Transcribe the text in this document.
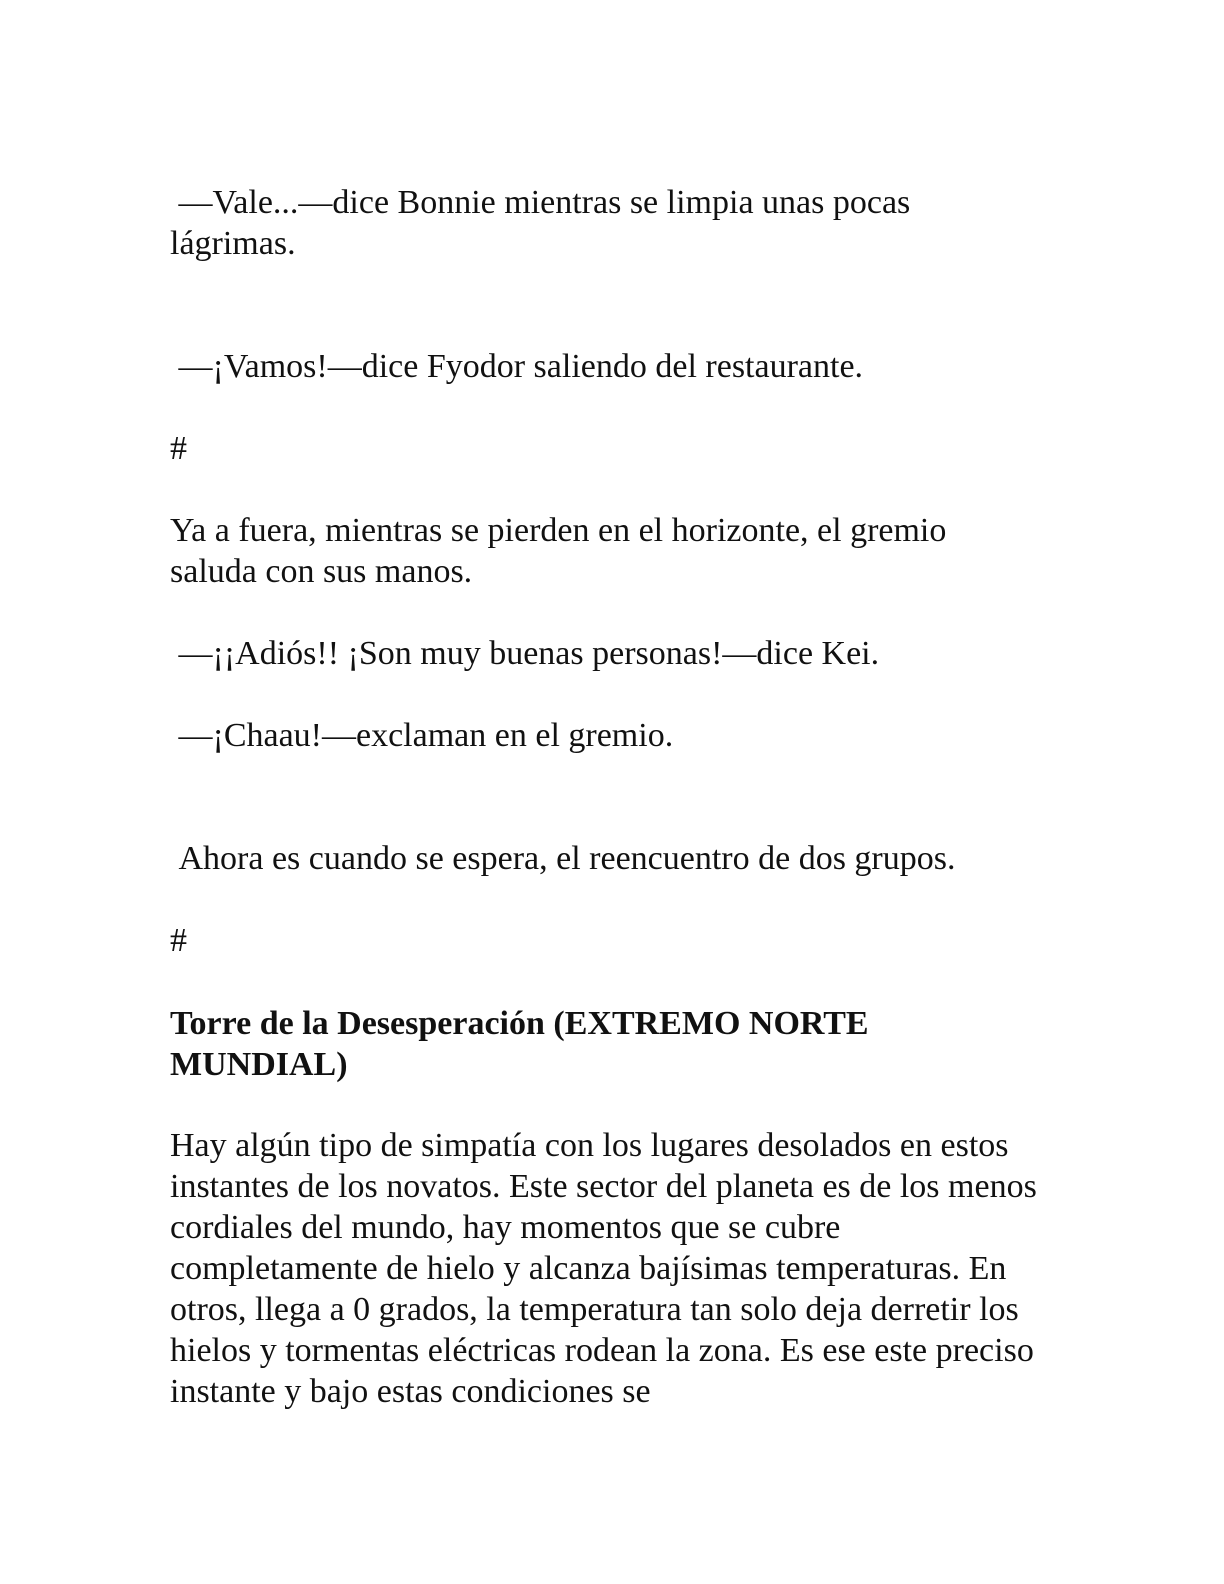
—Vale...—dice Bonnie mientras se limpia unas pocas lágrimas.

—¡Vamos!—dice Fyodor saliendo del restaurante.

#

Ya a fuera, mientras se pierden en el horizonte, el gremio saluda con sus manos.

—¡¡Adiós!! ¡Son muy buenas personas!—dice Kei.

—¡Chaau!—exclaman en el gremio.

Ahora es cuando se espera, el reencuentro de dos grupos.

#

Torre de la Desesperación (EXTREMO NORTE MUNDIAL)

Hay algún tipo de simpatía con los lugares desolados en estos instantes de los novatos. Este sector del planeta es de los menos cordiales del mundo, hay momentos que se cubre completamente de hielo y alcanza bajísimas temperaturas. En otros, llega a 0 grados, la temperatura tan solo deja derretir los hielos y tormentas eléctricas rodean la zona. Es ese este preciso instante y bajo estas condiciones se
